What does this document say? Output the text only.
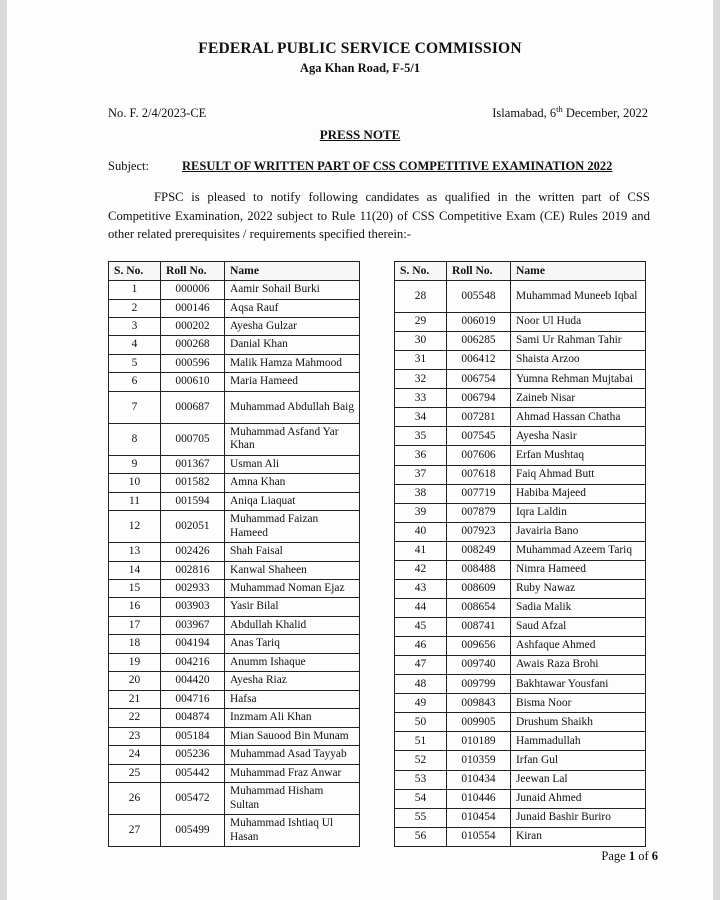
FEDERAL PUBLIC SERVICE COMMISSION
Aga Khan Road, F-5/1
No. F. 2/4/2023-CE	Islamabad, 6th December, 2022
PRESS NOTE
Subject:	RESULT OF WRITTEN PART OF CSS COMPETITIVE EXAMINATION 2022
FPSC is pleased to notify following candidates as qualified in the written part of CSS Competitive Examination, 2022 subject to Rule 11(20) of CSS Competitive Exam (CE) Rules 2019 and other related prerequisites / requirements specified therein:-
S. No.	Roll No.	Name
1	000006	Aamir Sohail Burki
2	000146	Aqsa Rauf
3	000202	Ayesha Gulzar
4	000268	Danial Khan
5	000596	Malik Hamza Mahmood
6	000610	Maria Hameed
7	000687	Muhammad Abdullah Baig
8	000705	Muhammad Asfand Yar Khan
9	001367	Usman Ali
10	001582	Amna Khan
11	001594	Aniqa Liaquat
12	002051	Muhammad Faizan Hameed
13	002426	Shah Faisal
14	002816	Kanwal Shaheen
15	002933	Muhammad Noman Ejaz
16	003903	Yasir Bilal
17	003967	Abdullah Khalid
18	004194	Anas Tariq
19	004216	Anumm Ishaque
20	004420	Ayesha Riaz
21	004716	Hafsa
22	004874	Inzmam Ali Khan
23	005184	Mian Sauood Bin Munam
24	005236	Muhammad Asad Tayyab
25	005442	Muhammad Fraz Anwar
26	005472	Muhammad Hisham Sultan
27	005499	Muhammad Ishtiaq Ul Hasan
S. No.	Roll No.	Name
28	005548	Muhammad Muneeb Iqbal
29	006019	Noor Ul Huda
30	006285	Sami Ur Rahman Tahir
31	006412	Shaista Arzoo
32	006754	Yumna Rehman Mujtabai
33	006794	Zaineb Nisar
34	007281	Ahmad Hassan Chatha
35	007545	Ayesha Nasir
36	007606	Erfan Mushtaq
37	007618	Faiq Ahmad Butt
38	007719	Habiba Majeed
39	007879	Iqra Laldin
40	007923	Javairia Bano
41	008249	Muhammad Azeem Tariq
42	008488	Nimra Hameed
43	008609	Ruby Nawaz
44	008654	Sadia Malik
45	008741	Saud Afzal
46	009656	Ashfaque Ahmed
47	009740	Awais Raza Brohi
48	009799	Bakhtawar Yousfani
49	009843	Bisma Noor
50	009905	Drushum Shaikh
51	010189	Hammadullah
52	010359	Irfan Gul
53	010434	Jeewan Lal
54	010446	Junaid Ahmed
55	010454	Junaid Bashir Buriro
56	010554	Kiran
Page 1 of 6
